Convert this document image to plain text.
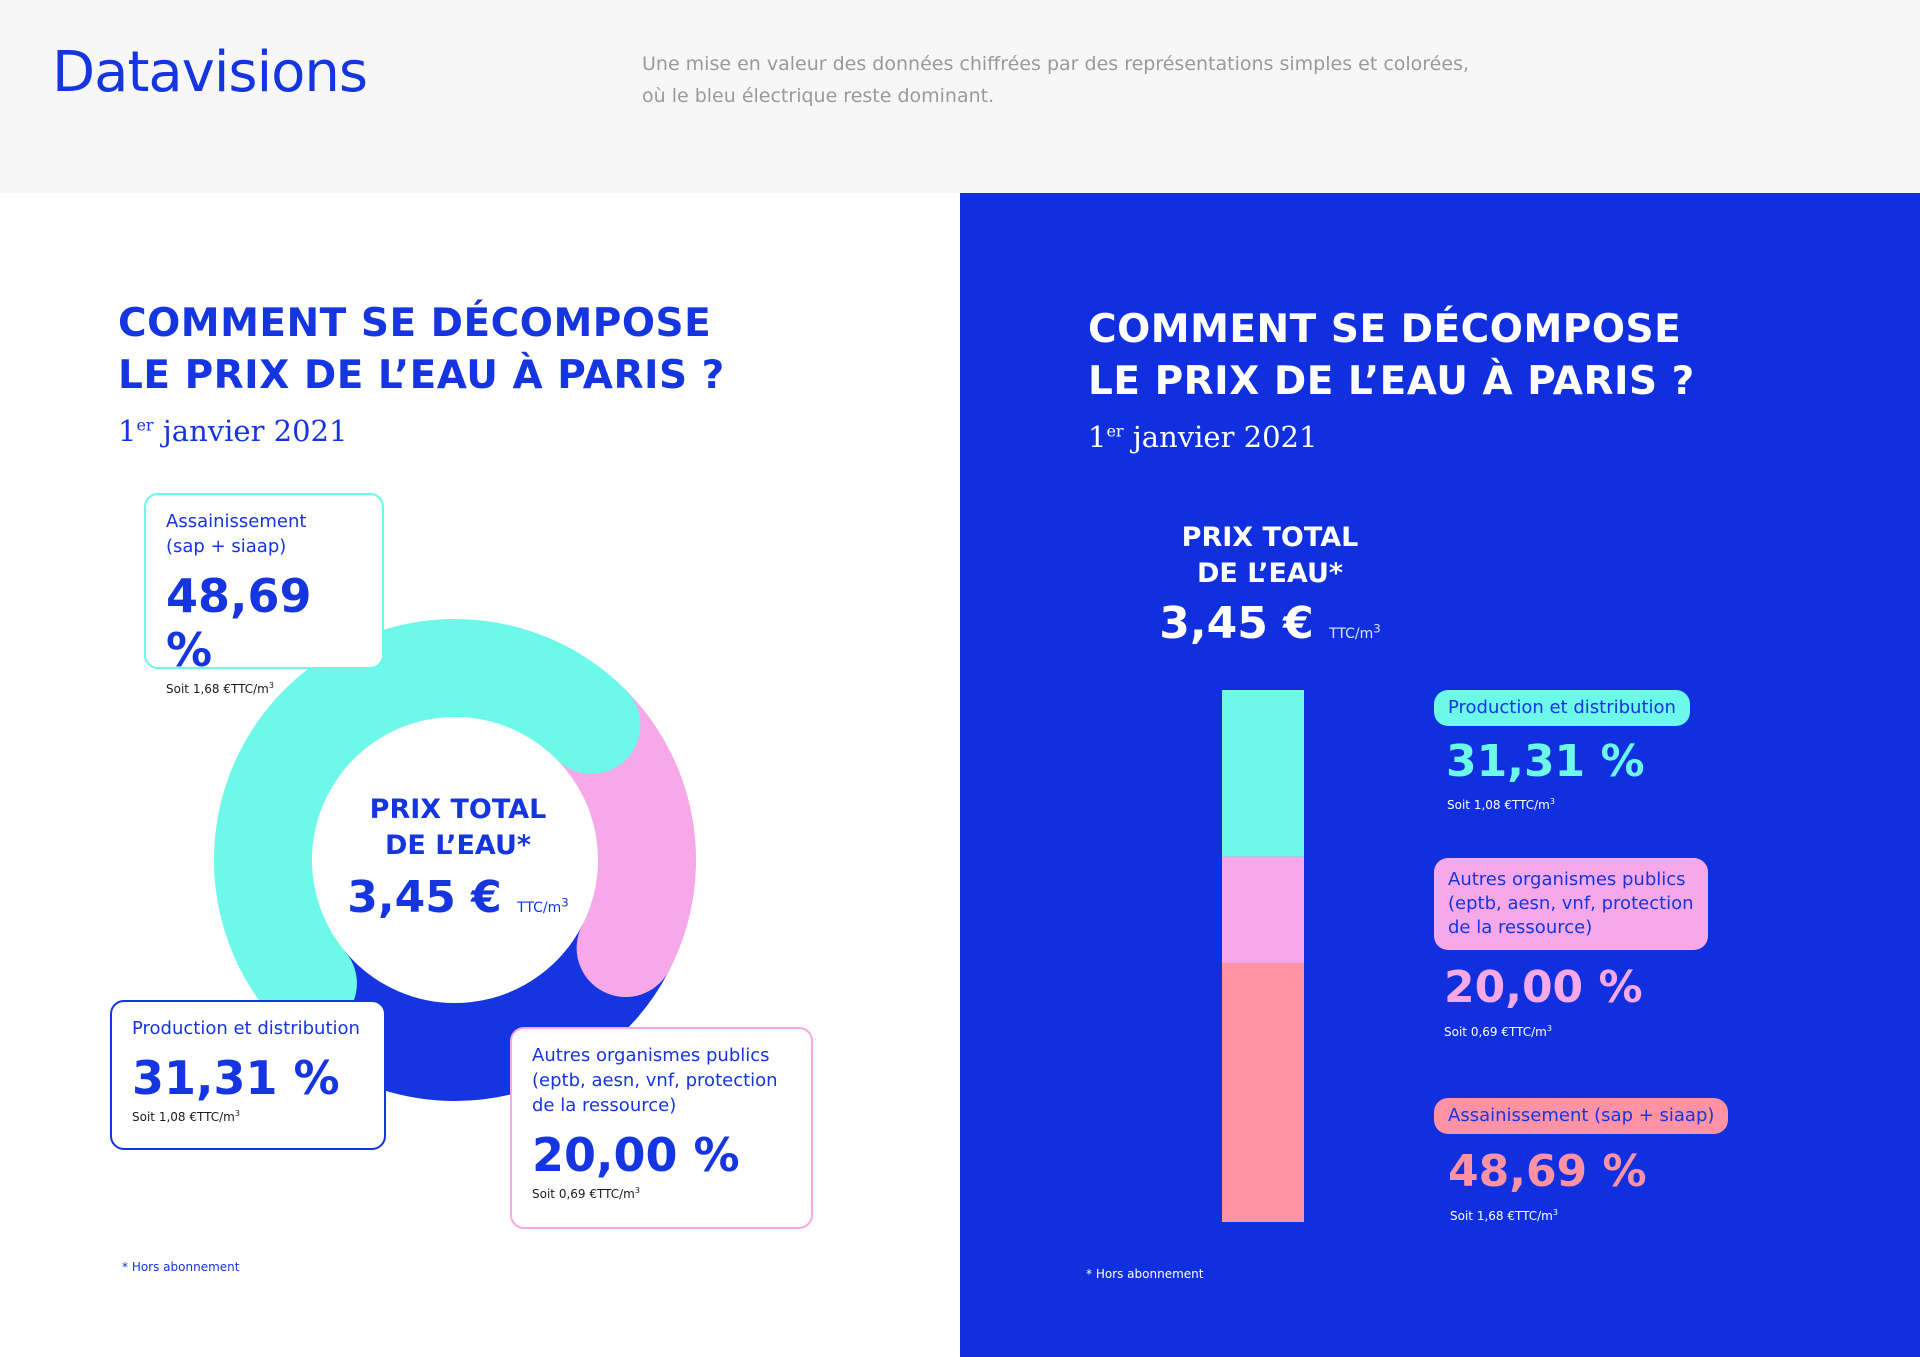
Datavisions	Une mise en valeur des données chiffrées par des représentations simples et colorées,
où le bleu électrique reste dominant.
COMMENT SE DÉCOMPOSE
LE PRIX DE L’EAU À PARIS ?
1er janvier 2021
PRIX TOTAL
DE L’EAU*
3,45 € TTC/$m^3$
Assainissement
(sap + siaap)
48,69 %
Soit 1,68 $€TTC/m^3$
Production et distribution
31,31 %
Soit 1,08 $€TTC/m^3$
Autres organismes publics
(eptb, aesn, vnf, protection
de la ressource)
20,00 %
Soit 0,69 $€TTC/m^3$
* Hors abonnement
COMMENT SE DÉCOMPOSE
LE PRIX DE L’EAU À PARIS ?
1er janvier 2021
PRIX TOTAL
DE L’EAU*
3,45 € TTC/$m^3$
Production et distribution
31,31 %
Soit 1,08 $€TTC/m^3$
Autres organismes publics
(eptb, aesn, vnf, protection
de la ressource)
20,00 %
Soit 0,69 $€TTC/m^3$
Assainissement (sap + siaap)
48,69 %
Soit 1,68 $€TTC/m^3$
* Hors abonnement
